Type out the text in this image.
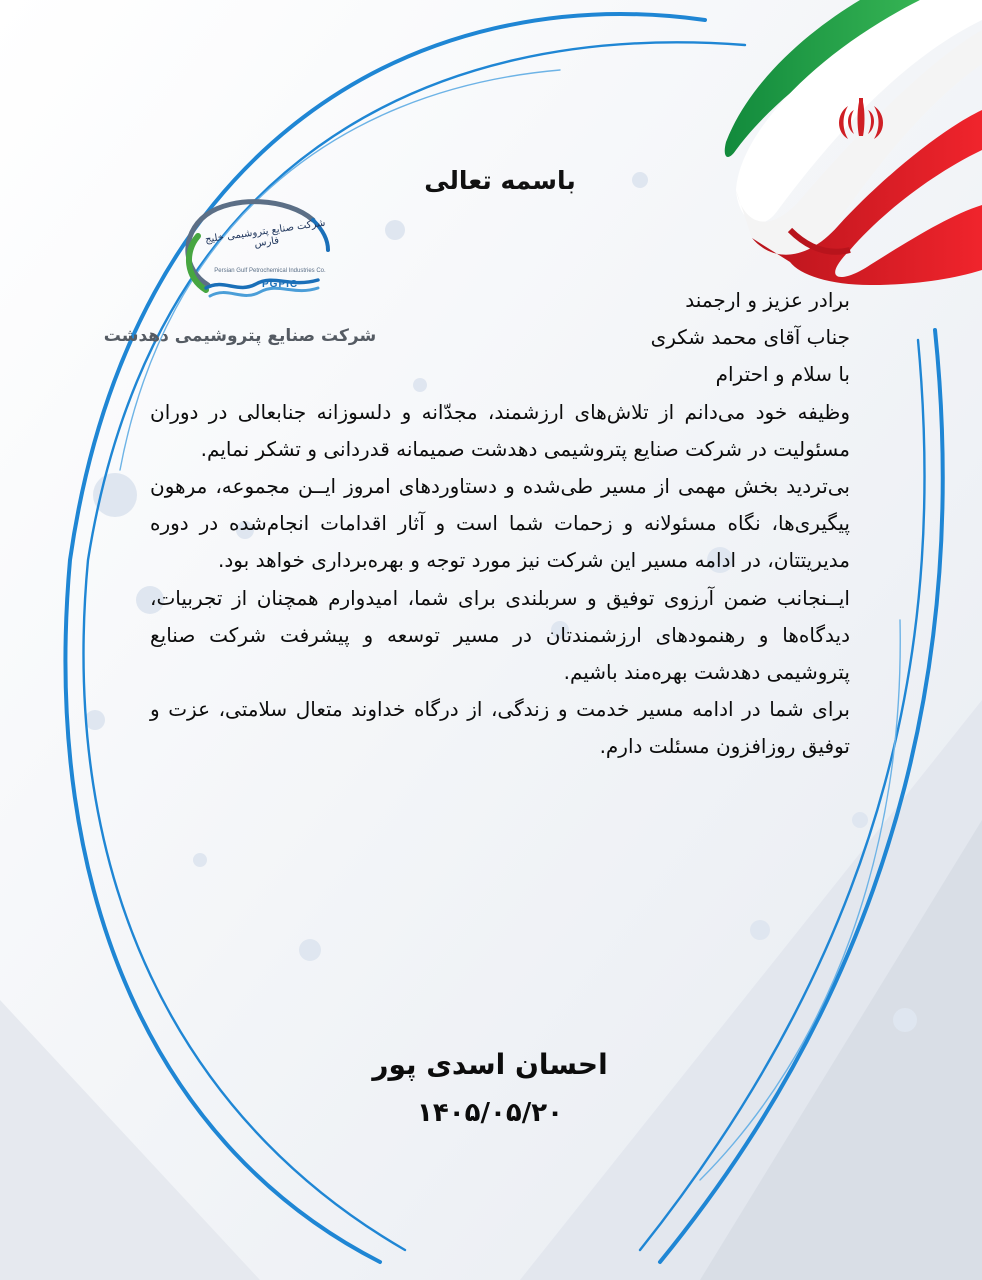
شرکت صنایع پتروشیمی خلیج فارس
Persian Gulf Petrochemical Industries Co.
PGPIC
شرکت صنایع پتروشیمی دهدشت
باسمه تعالی

برادر عزیز و ارجمند

جناب آقای محمد شکری

با سلام و احترام

وظیفه خود می‌دانم از تلاش‌های ارزشمند، مجدّانه و دلسوزانه جنابعالی در دوران مسئولیت در شرکت صنایع پتروشیمی دهدشت صمیمانه قدردانی و تشکر نمایم.

بی‌تردید بخش مهمی از مسیر طی‌شده و دستاوردهای امروز ایــن مجموعه، مرهون پیگیری‌ها، نگاه مسئولانه و زحمات شما است و آثار اقدامات انجام‌شده در دوره مدیریتتان، در ادامه مسیر این شرکت نیز مورد توجه و بهره‌برداری خواهد بود.

ایــنجانب ضمن آرزوی توفیق و سربلندی برای شما، امیدوارم همچنان از تجربیات، دیدگاه‌ها و رهنمودهای ارزشمندتان در مسیر توسعه و پیشرفت شرکت صنایع پتروشیمی دهدشت بهره‌مند باشیم.

برای شما در ادامه مسیر خدمت و زندگی، از درگاه خداوند متعال سلامتی، عزت و توفیق روزافزون مسئلت دارم.

احسان اسدی پور
۱۴۰۵/۰۵/۲۰
